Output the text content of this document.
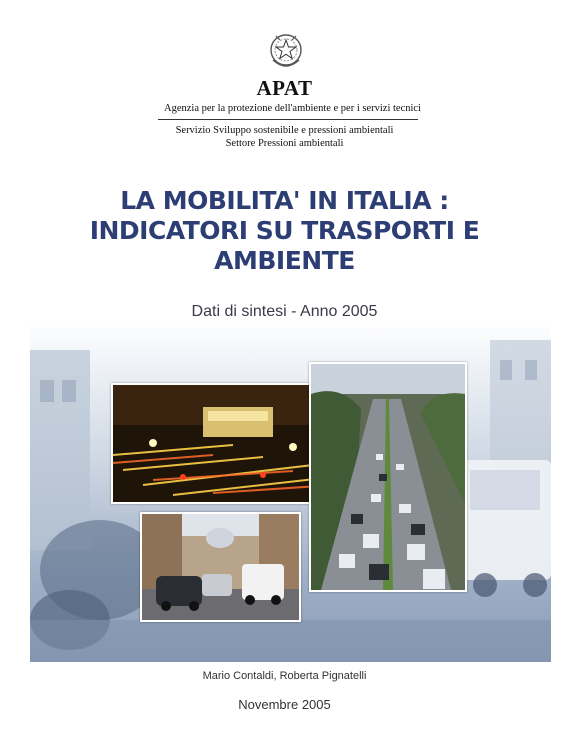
APAT
Agenzia per la protezione dell'ambiente e per i servizi tecnici
Servizio Sviluppo sostenibile e pressioni ambientali
Settore Pressioni ambientali
LA MOBILITA' IN ITALIA :
INDICATORI SU TRASPORTI E
AMBIENTE
Dati di sintesi - Anno 2005
Mario Contaldi, Roberta Pignatelli
Novembre 2005
